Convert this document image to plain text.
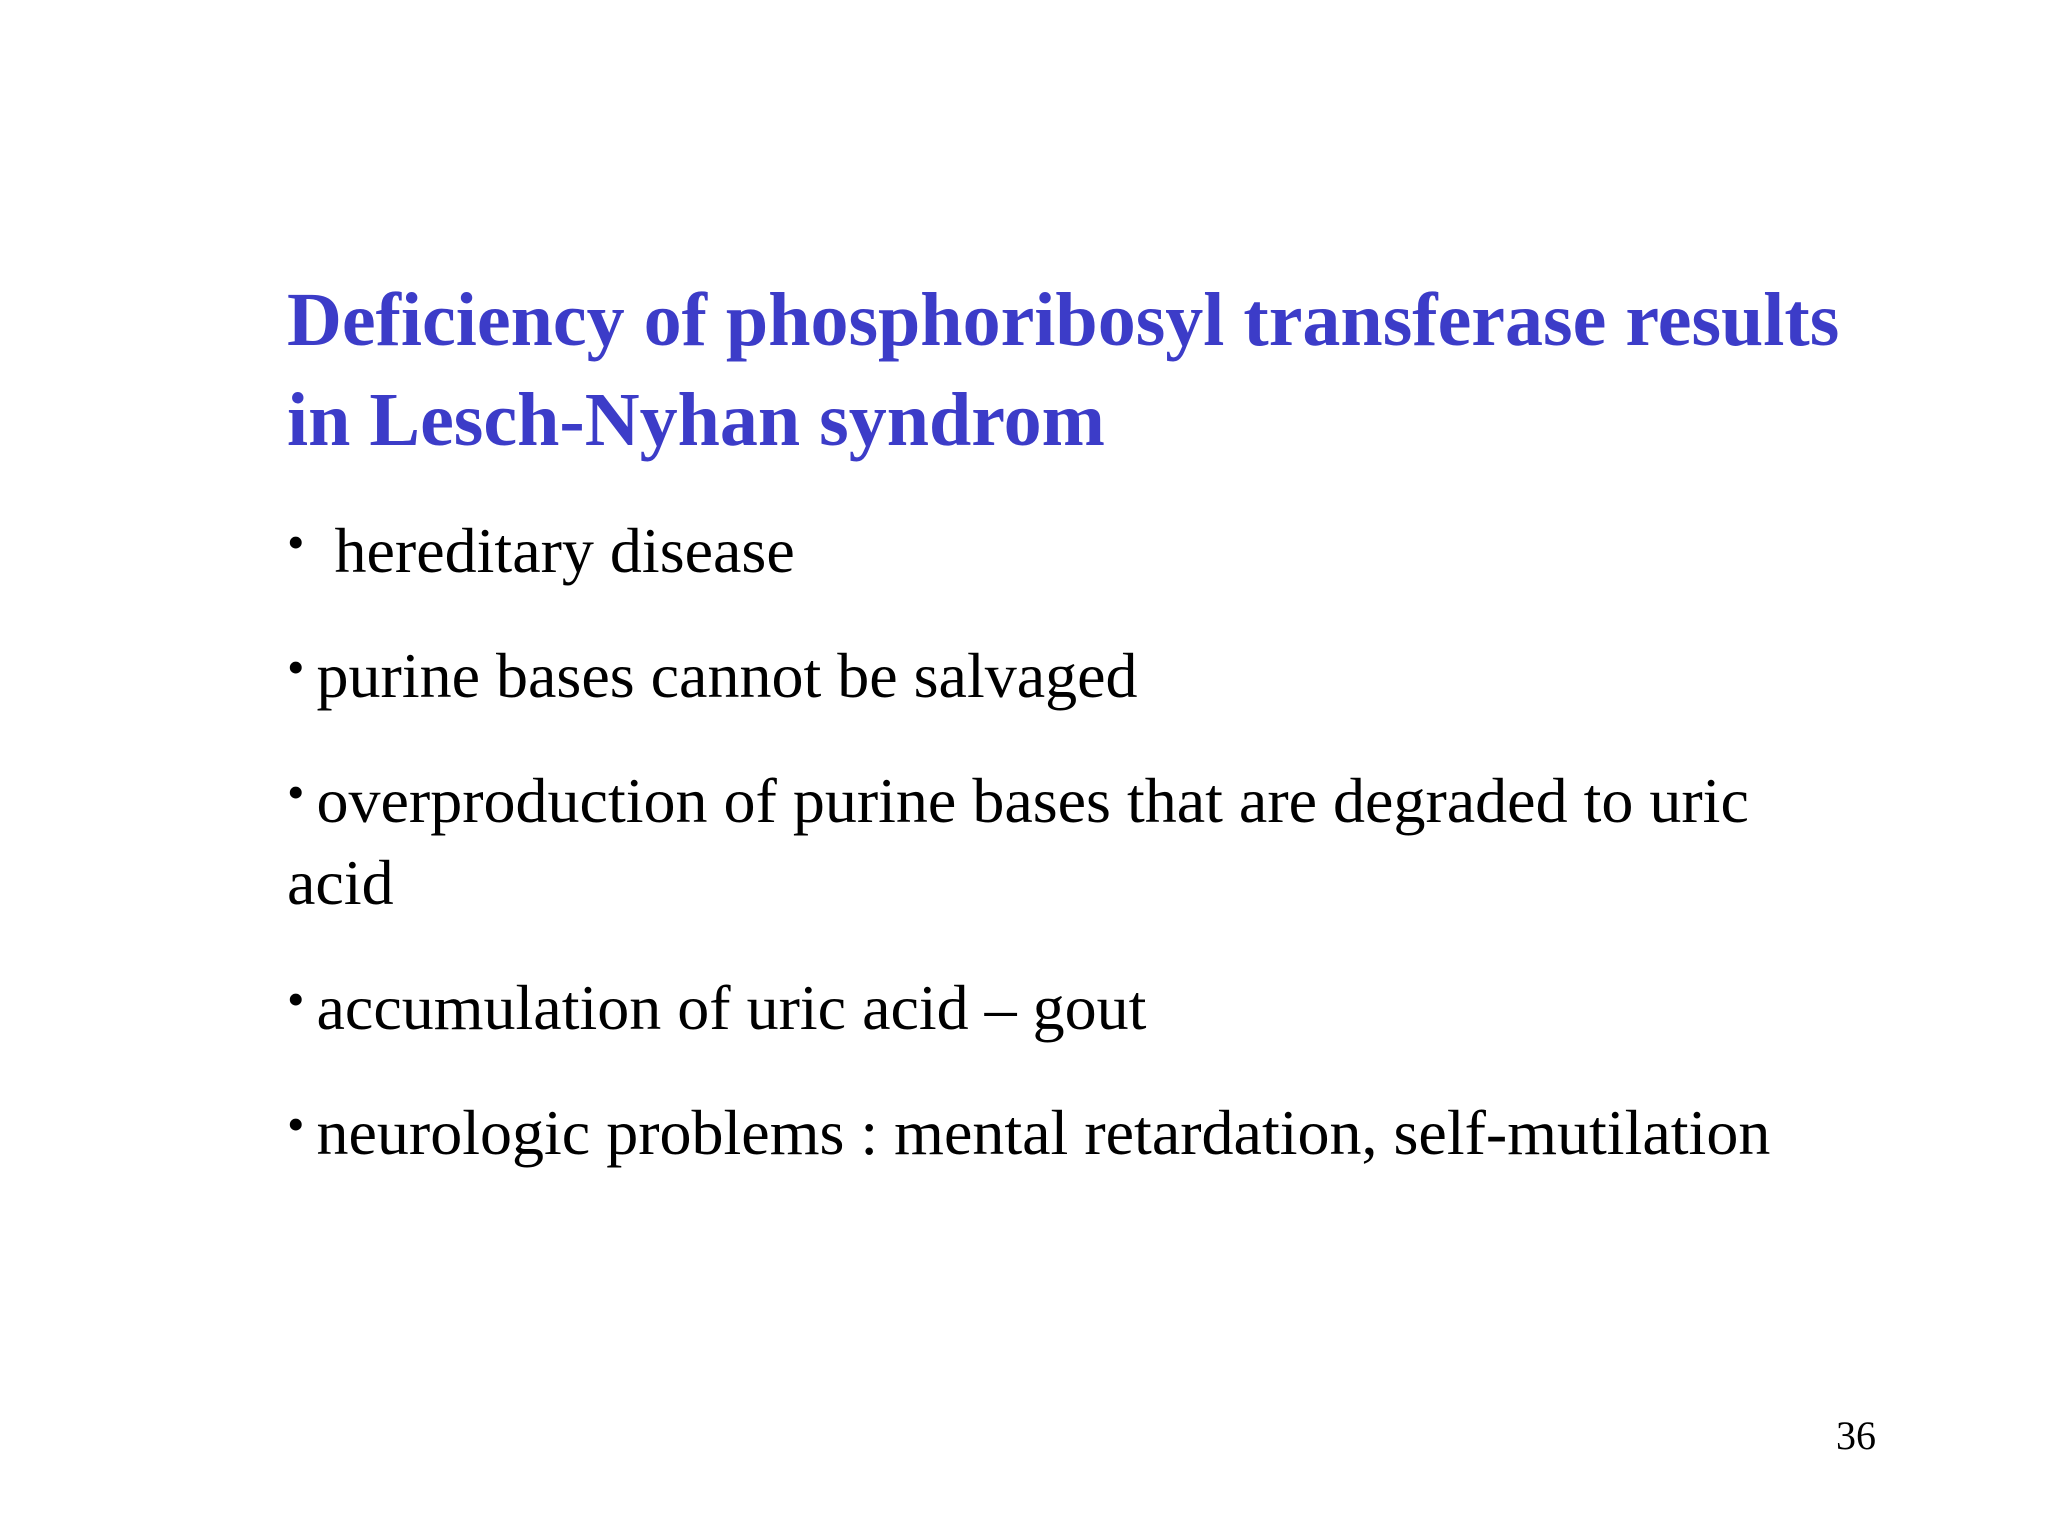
Deficiency of phosphoribosyl transferase results in Lesch-Nyhan syndrom
• hereditary disease
• purine bases cannot be salvaged
• overproduction of purine bases that are degraded to uric acid
• accumulation of uric acid – gout
• neurologic problems : mental retardation, self-mutilation
36
